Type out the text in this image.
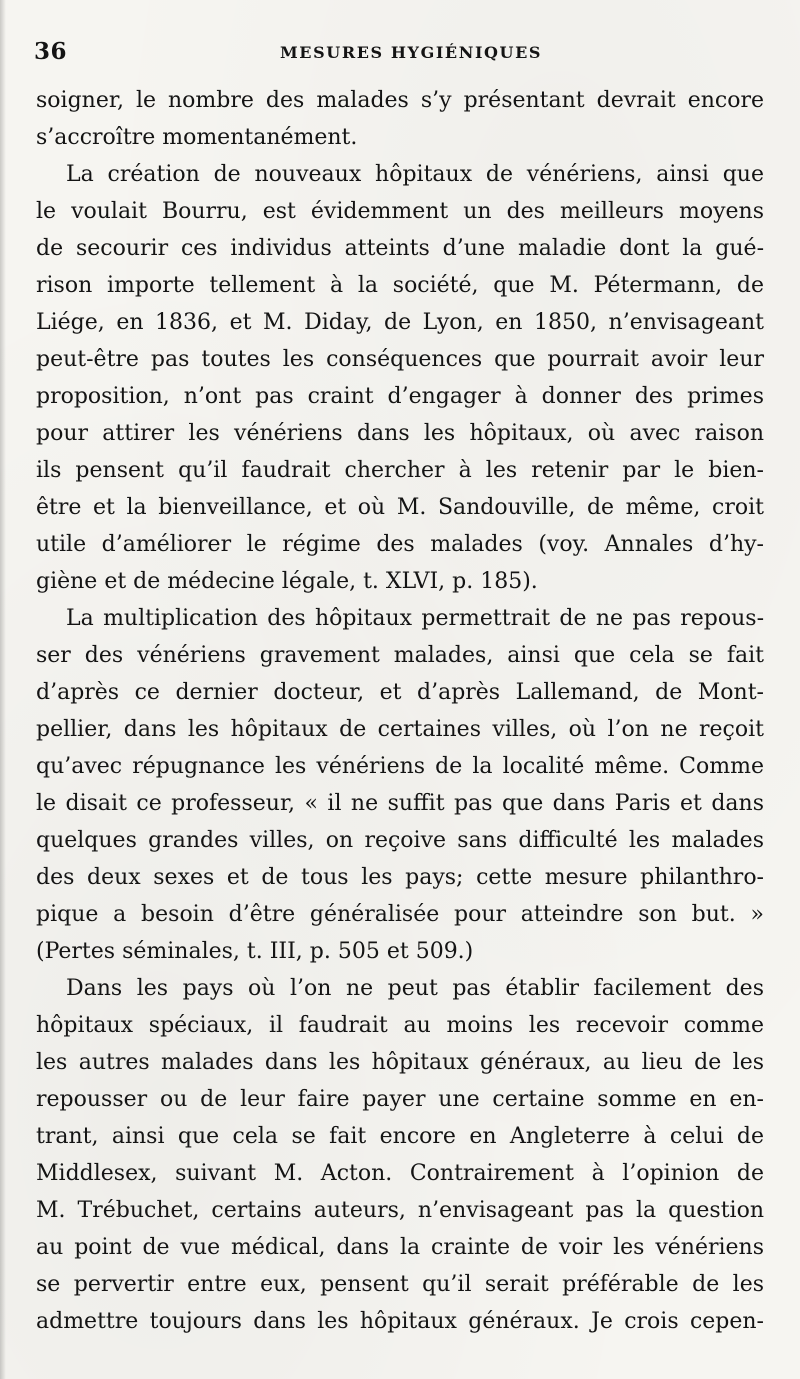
36	MESURES HYGIÉNIQUES
soigner, le nombre des malades s’y présentant devrait encore
s’accroître momentanément.
La création de nouveaux hôpitaux de vénériens, ainsi que
le voulait Bourru, est évidemment un des meilleurs moyens
de secourir ces individus atteints d’une maladie dont la gué-
rison importe tellement à la société, que M. Pétermann, de
Liége, en 1836, et M. Diday, de Lyon, en 1850, n’envisageant
peut-être pas toutes les conséquences que pourrait avoir leur
proposition, n’ont pas craint d’engager à donner des primes
pour attirer les vénériens dans les hôpitaux, où avec raison
ils pensent qu’il faudrait chercher à les retenir par le bien-
être et la bienveillance, et où M. Sandouville, de même, croit
utile d’améliorer le régime des malades (voy. Annales d’hy-
giène et de médecine légale, t. XLVI, p. 185).
La multiplication des hôpitaux permettrait de ne pas repous-
ser des vénériens gravement malades, ainsi que cela se fait
d’après ce dernier docteur, et d’après Lallemand, de Mont-
pellier, dans les hôpitaux de certaines villes, où l’on ne reçoit
qu’avec répugnance les vénériens de la localité même. Comme
le disait ce professeur, « il ne suffit pas que dans Paris et dans
quelques grandes villes, on reçoive sans difficulté les malades
des deux sexes et de tous les pays; cette mesure philanthro-
pique a besoin d’être généralisée pour atteindre son but. »
(Pertes séminales, t. III, p. 505 et 509.)
Dans les pays où l’on ne peut pas établir facilement des
hôpitaux spéciaux, il faudrait au moins les recevoir comme
les autres malades dans les hôpitaux généraux, au lieu de les
repousser ou de leur faire payer une certaine somme en en-
trant, ainsi que cela se fait encore en Angleterre à celui de
Middlesex, suivant M. Acton. Contrairement à l’opinion de
M. Trébuchet, certains auteurs, n’envisageant pas la question
au point de vue médical, dans la crainte de voir les vénériens
se pervertir entre eux, pensent qu’il serait préférable de les
admettre toujours dans les hôpitaux généraux. Je crois cepen-
